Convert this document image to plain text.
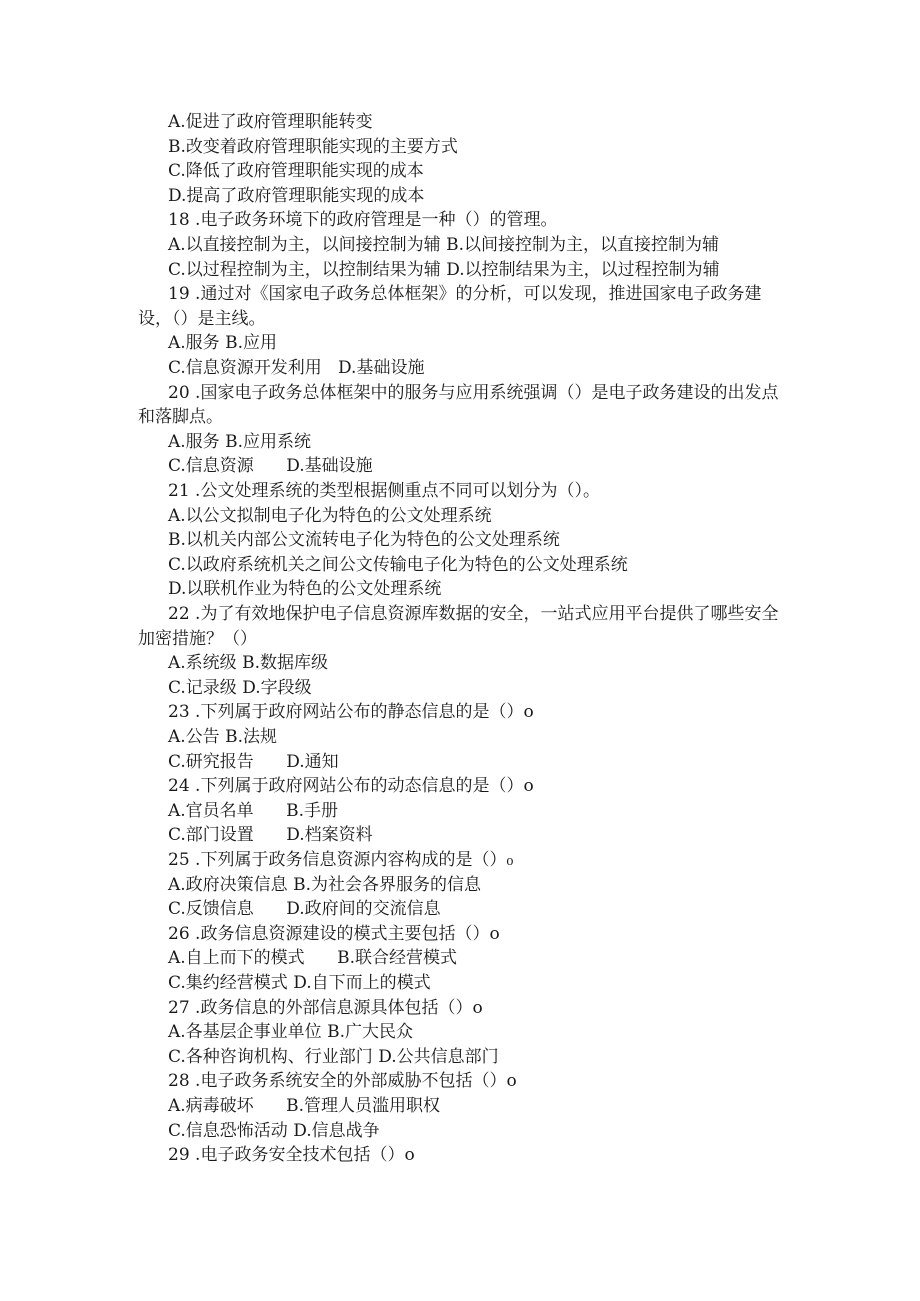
A.促进了政府管理职能转变
B.改变着政府管理职能实现的主要方式
C.降低了政府管理职能实现的成本
D.提高了政府管理职能实现的成本
18 .电子政务环境下的政府管理是一种（）的管理。
A.以直接控制为主，以间接控制为辅 B.以间接控制为主，以直接控制为辅
C.以过程控制为主，以控制结果为辅 D.以控制结果为主，以过程控制为辅
19 .通过对《国家电子政务总体框架》的分析，可以发现，推进国家电子政务建
设，（）是主线。
A.服务 B.应用
C.信息资源开发利用   D.基础设施
20 .国家电子政务总体框架中的服务与应用系统强调（）是电子政务建设的出发点
和落脚点。
A.服务 B.应用系统
C.信息资源      D.基础设施
21 .公文处理系统的类型根据侧重点不同可以划分为（）。
A.以公文拟制电子化为特色的公文处理系统
B.以机关内部公文流转电子化为特色的公文处理系统
C.以政府系统机关之间公文传输电子化为特色的公文处理系统
D.以联机作业为特色的公文处理系统
22 .为了有效地保护电子信息资源库数据的安全，一站式应用平台提供了哪些安全
加密措施？（）
A.系统级 B.数据库级
C.记录级 D.字段级
23 .下列属于政府网站公布的静态信息的是（）o
A.公告 B.法规
C.研究报告      D.通知
24 .下列属于政府网站公布的动态信息的是（）o
A.官员名单      B.手册
C.部门设置      D.档案资料
25 .下列属于政务信息资源内容构成的是（）₀
A.政府决策信息 B.为社会各界服务的信息
C.反馈信息      D.政府间的交流信息
26 .政务信息资源建设的模式主要包括（）o
A.自上而下的模式      B.联合经营模式
C.集约经营模式 D.自下而上的模式
27 .政务信息的外部信息源具体包括（）o
A.各基层企事业单位 B.广大民众
C.各种咨询机构、行业部门 D.公共信息部门
28 .电子政务系统安全的外部威胁不包括（）o
A.病毒破坏      B.管理人员滥用职权
C.信息恐怖活动 D.信息战争
29 .电子政务安全技术包括（）o
